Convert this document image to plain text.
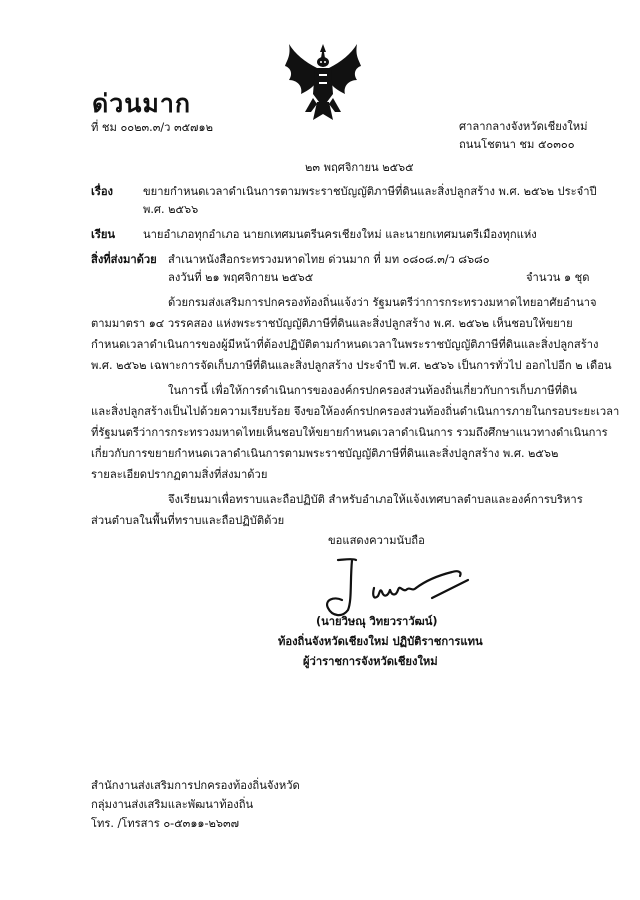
ด่วนมาก
ที่ ชม ๐๐๒๓.๓/ว ๓๕๗๑๒	ศาลากลางจังหวัดเชียงใหม่
ถนนโชตนา ชม ๕๐๓๐๐
๒๓ พฤศจิกายน ๒๕๖๕
เรื่อง	ขยายกำหนดเวลาดำเนินการตามพระราชบัญญัติภาษีที่ดินและสิ่งปลูกสร้าง พ.ศ. ๒๕๖๒ ประจำปี
พ.ศ. ๒๕๖๖
เรียน นายอำเภอทุกอำเภอ นายกเทศมนตรีนครเชียงใหม่ และนายกเทศมนตรีเมืองทุกแห่ง
สิ่งที่ส่งมาด้วย สำเนาหนังสือกระทรวงมหาดไทย ด่วนมาก ที่ มท ๐๘๐๘.๓/ว ๘๖๘๐
ลงวันที่ ๒๑ พฤศจิกายน ๒๕๖๕	จำนวน ๑ ชุด
ด้วยกรมส่งเสริมการปกครองท้องถิ่นแจ้งว่า รัฐมนตรีว่าการกระทรวงมหาดไทยอาศัยอำนาจ
ตามมาตรา ๑๔ วรรคสอง แห่งพระราชบัญญัติภาษีที่ดินและสิ่งปลูกสร้าง พ.ศ. ๒๕๖๒ เห็นชอบให้ขยาย
กำหนดเวลาดำเนินการของผู้มีหน้าที่ต้องปฏิบัติตามกำหนดเวลาในพระราชบัญญัติภาษีที่ดินและสิ่งปลูกสร้าง
พ.ศ. ๒๕๖๒ เฉพาะการจัดเก็บภาษีที่ดินและสิ่งปลูกสร้าง ประจำปี พ.ศ. ๒๕๖๖ เป็นการทั่วไป ออกไปอีก ๒ เดือน
ในการนี้ เพื่อให้การดำเนินการขององค์กรปกครองส่วนท้องถิ่นเกี่ยวกับการเก็บภาษีที่ดิน
และสิ่งปลูกสร้างเป็นไปด้วยความเรียบร้อย จึงขอให้องค์กรปกครองส่วนท้องถิ่นดำเนินการภายในกรอบระยะเวลา
ที่รัฐมนตรีว่าการกระทรวงมหาดไทยเห็นชอบให้ขยายกำหนดเวลาดำเนินการ รวมถึงศึกษาแนวทางดำเนินการ
เกี่ยวกับการขยายกำหนดเวลาดำเนินการตามพระราชบัญญัติภาษีที่ดินและสิ่งปลูกสร้าง พ.ศ. ๒๕๖๒
รายละเอียดปรากฏตามสิ่งที่ส่งมาด้วย
จึงเรียนมาเพื่อทราบและถือปฏิบัติ สำหรับอำเภอให้แจ้งเทศบาลตำบลและองค์การบริหาร
ส่วนตำบลในพื้นที่ทราบและถือปฏิบัติด้วย
ขอแสดงความนับถือ
(นายวิษณุ วิทยวราวัฒน์)
ท้องถิ่นจังหวัดเชียงใหม่ ปฏิบัติราชการแทน
ผู้ว่าราชการจังหวัดเชียงใหม่
สำนักงานส่งเสริมการปกครองท้องถิ่นจังหวัด
กลุ่มงานส่งเสริมและพัฒนาท้องถิ่น
โทร. /โทรสาร ๐-๕๓๑๑-๒๖๓๗
